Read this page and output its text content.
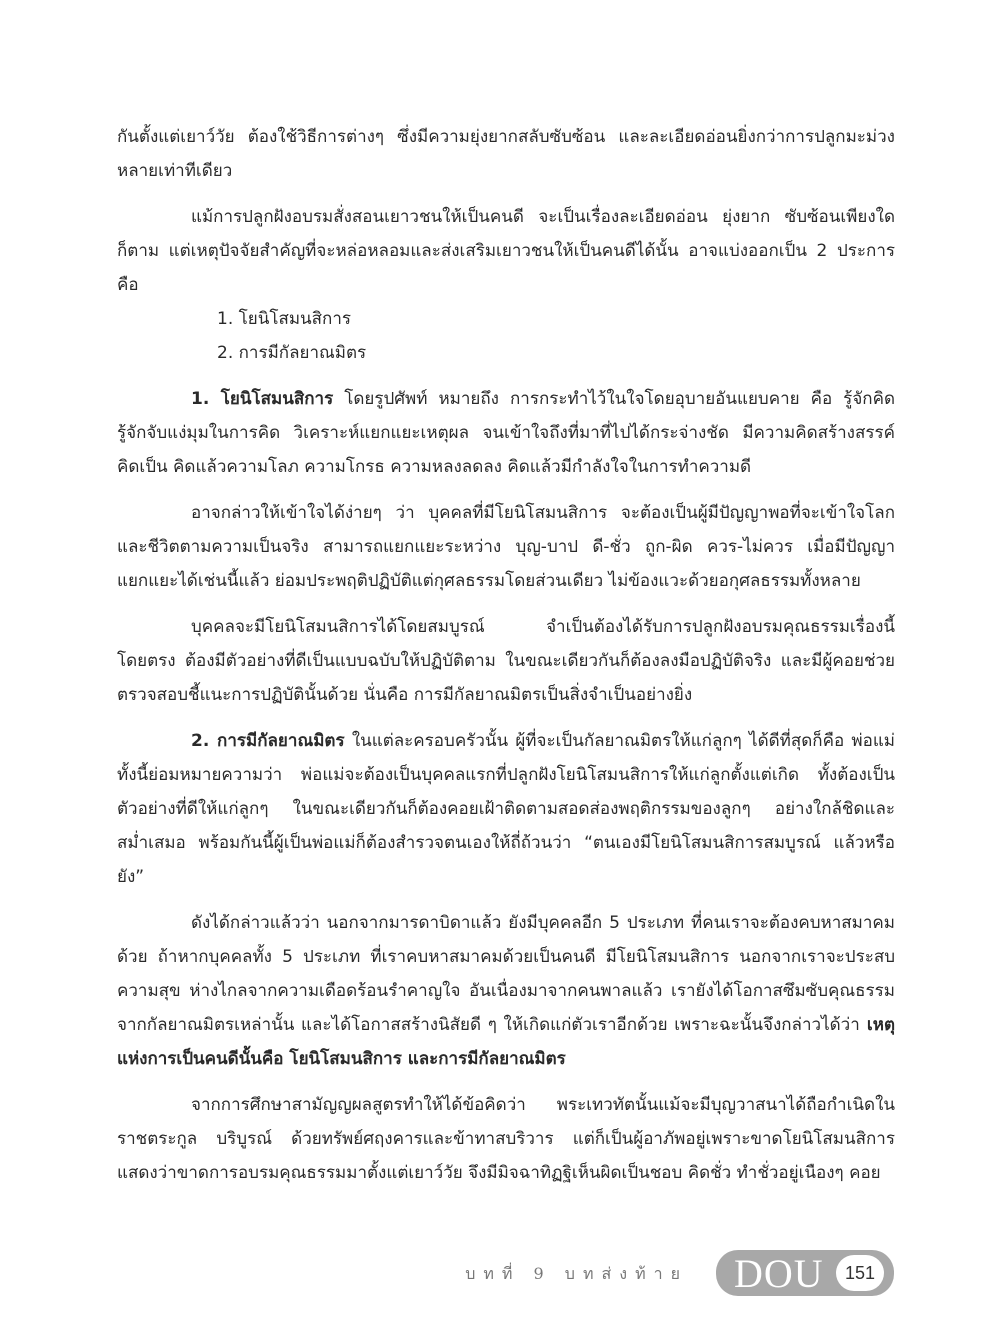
กันตั้งแต่เยาว์วัย ต้องใช้วิธีการต่างๆ ซึ่งมีความยุ่งยากสลับซับซ้อน และละเอียดอ่อนยิ่งกว่าการปลูกมะม่วงหลายเท่าทีเดียว

แม้การปลูกฝังอบรมสั่งสอนเยาวชนให้เป็นคนดี จะเป็นเรื่องละเอียดอ่อน ยุ่งยาก ซับซ้อนเพียงใดก็ตาม แต่เหตุปัจจัยสำคัญที่จะหล่อหลอมและส่งเสริมเยาวชนให้เป็นคนดีได้นั้น อาจแบ่งออกเป็น 2 ประการ คือ

1. โยนิโสมนสิการ
2. การมีกัลยาณมิตร

1. โยนิโสมนสิการ โดยรูปศัพท์ หมายถึง การกระทำไว้ในใจโดยอุบายอันแยบคาย คือ รู้จักคิด รู้จักจับแง่มุมในการคิด วิเคราะห์แยกแยะเหตุผล จนเข้าใจถึงที่มาที่ไปได้กระจ่างชัด มีความคิดสร้างสรรค์ คิดเป็น คิดแล้วความโลภ ความโกรธ ความหลงลดลง คิดแล้วมีกำลังใจในการทำความดี

อาจกล่าวให้เข้าใจได้ง่ายๆ ว่า บุคคลที่มีโยนิโสมนสิการ จะต้องเป็นผู้มีปัญญาพอที่จะเข้าใจโลกและชีวิตตามความเป็นจริง สามารถแยกแยะระหว่าง บุญ-บาป ดี-ชั่ว ถูก-ผิด ควร-ไม่ควร เมื่อมีปัญญาแยกแยะได้เช่นนี้แล้ว ย่อมประพฤติปฏิบัติแต่กุศลธรรมโดยส่วนเดียว ไม่ข้องแวะด้วยอกุศลธรรมทั้งหลาย

บุคคลจะมีโยนิโสมนสิการได้โดยสมบูรณ์ จำเป็นต้องได้รับการปลูกฝังอบรมคุณธรรมเรื่องนี้โดยตรง ต้องมีตัวอย่างที่ดีเป็นแบบฉบับให้ปฏิบัติตาม ในขณะเดียวกันก็ต้องลงมือปฏิบัติจริง และมีผู้คอยช่วยตรวจสอบชี้แนะการปฏิบัตินั้นด้วย นั่นคือ การมีกัลยาณมิตรเป็นสิ่งจำเป็นอย่างยิ่ง

2. การมีกัลยาณมิตร ในแต่ละครอบครัวนั้น ผู้ที่จะเป็นกัลยาณมิตรให้แก่ลูกๆ ได้ดีที่สุดก็คือ พ่อแม่ ทั้งนี้ย่อมหมายความว่า พ่อแม่จะต้องเป็นบุคคลแรกที่ปลูกฝังโยนิโสมนสิการให้แก่ลูกตั้งแต่เกิด ทั้งต้องเป็นตัวอย่างที่ดีให้แก่ลูกๆ ในขณะเดียวกันก็ต้องคอยเฝ้าติดตามสอดส่องพฤติกรรมของลูกๆ อย่างใกล้ชิดและสม่ำเสมอ พร้อมกันนี้ผู้เป็นพ่อแม่ก็ต้องสำรวจตนเองให้ถี่ถ้วนว่า “ตนเองมีโยนิโสมนสิการสมบูรณ์ แล้วหรือยัง”

ดังได้กล่าวแล้วว่า นอกจากมารดาบิดาแล้ว ยังมีบุคคลอีก 5 ประเภท ที่คนเราจะต้องคบหาสมาคมด้วย ถ้าหากบุคคลทั้ง 5 ประเภท ที่เราคบหาสมาคมด้วยเป็นคนดี มีโยนิโสมนสิการ นอกจากเราจะประสบความสุข ห่างไกลจากความเดือดร้อนรำคาญใจ อันเนื่องมาจากคนพาลแล้ว เรายังได้โอกาสซึมซับคุณธรรมจากกัลยาณมิตรเหล่านั้น และได้โอกาสสร้างนิสัยดี ๆ ให้เกิดแก่ตัวเราอีกด้วย เพราะฉะนั้นจึงกล่าวได้ว่า เหตุแห่งการเป็นคนดีนั้นคือ โยนิโสมนสิการ และการมีกัลยาณมิตร

จากการศึกษาสามัญญผลสูตรทำให้ได้ข้อคิดว่า พระเทวทัตนั้นแม้จะมีบุญวาสนาได้ถือกำเนิดในราชตระกูล บริบูรณ์ ด้วยทรัพย์ศฤงคารและข้าทาสบริวาร แต่ก็เป็นผู้อาภัพอยู่เพราะขาดโยนิโสมนสิการ แสดงว่าขาดการอบรมคุณธรรมมาตั้งแต่เยาว์วัย จึงมีมิจฉาทิฏฐิเห็นผิดเป็นชอบ คิดชั่ว ทำชั่วอยู่เนืองๆ คอย

บทที่ 9 บทส่งท้าย DOU	151
